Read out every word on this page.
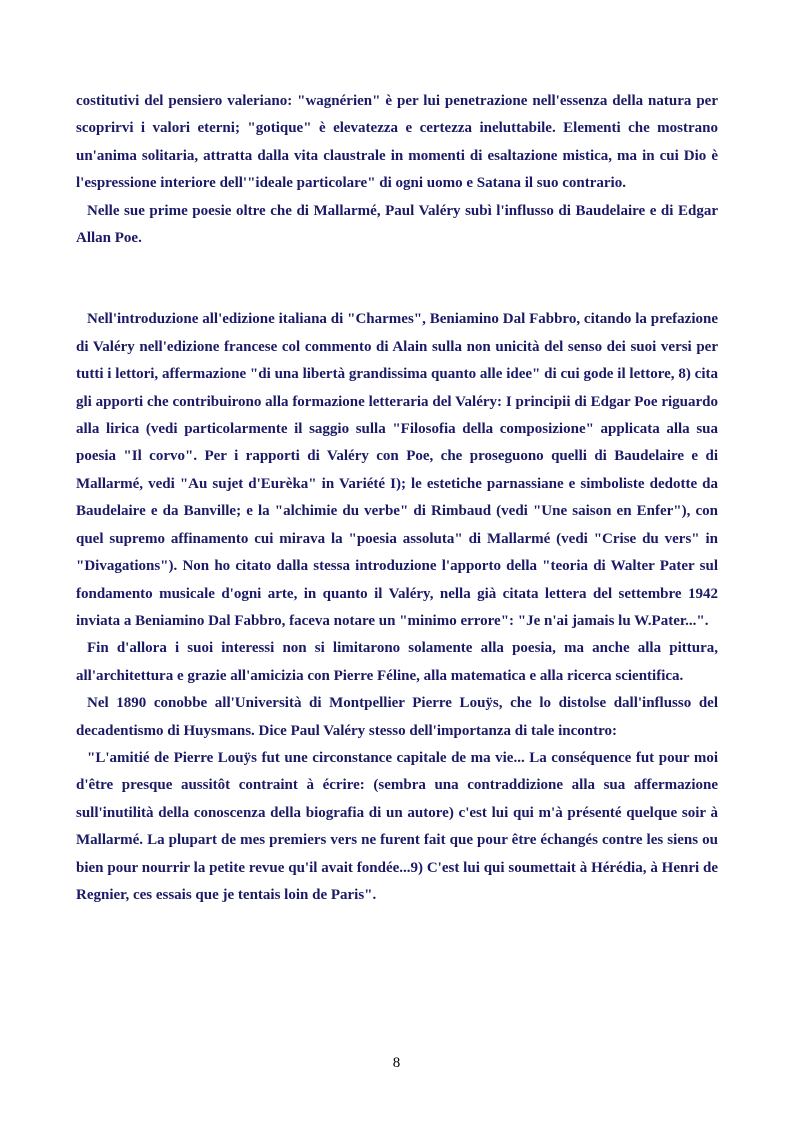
costitutivi del pensiero valeriano: "wagnérien" è per lui penetrazione nell'essenza della natura per scoprirvi i valori eterni; "gotique" è elevatezza e certezza ineluttabile. Elementi che mostrano un'anima solitaria, attratta dalla vita claustrale in momenti di esaltazione mistica, ma in cui Dio è l'espressione interiore dell'"ideale particolare" di ogni uomo e Satana il suo contrario.

Nelle sue prime poesie oltre che di Mallarmé, Paul Valéry subì l'influsso di Baudelaire e di Edgar Allan Poe.

Nell'introduzione all'edizione italiana di "Charmes", Beniamino Dal Fabbro, citando la prefazione di Valéry nell'edizione francese col commento di Alain sulla non unicità del senso dei suoi versi per tutti i lettori, affermazione "di una libertà grandissima quanto alle idee" di cui gode il lettore, 8) cita gli apporti che contribuirono alla formazione letteraria del Valéry: I principii di Edgar Poe riguardo alla lirica (vedi particolarmente il saggio sulla "Filosofia della composizione" applicata alla sua poesia "Il corvo". Per i rapporti di Valéry con Poe, che proseguono quelli di Baudelaire e di Mallarmé, vedi "Au sujet d'Eurèka" in Variété I); le estetiche parnassiane e simboliste dedotte da Baudelaire e da Banville; e la "alchimie du verbe" di Rimbaud (vedi "Une saison en Enfer"), con quel supremo affinamento cui mirava la "poesia assoluta" di Mallarmé (vedi "Crise du vers" in "Divagations"). Non ho citato dalla stessa introduzione l'apporto della "teoria di Walter Pater sul fondamento musicale d'ogni arte, in quanto il Valéry, nella già citata lettera del settembre 1942 inviata a Beniamino Dal Fabbro, faceva notare un "minimo errore": "Je n'ai jamais lu W.Pater...".

Fin d'allora i suoi interessi non si limitarono solamente alla poesia, ma anche alla pittura, all'architettura e grazie all'amicizia con Pierre Féline, alla matematica e alla ricerca scientifica.

Nel 1890 conobbe all'Università di Montpellier Pierre Louÿs, che lo distolse dall'influsso del decadentismo di Huysmans. Dice Paul Valéry stesso dell'importanza di tale incontro:

"L'amitié de Pierre Louÿs fut une circonstance capitale de ma vie... La conséquence fut pour moi d'être presque aussitôt contraint à écrire: (sembra una contraddizione alla sua affermazione sull'inutilità della conoscenza della biografia di un autore) c'est lui qui m'à présenté quelque soir à Mallarmé. La plupart de mes premiers vers ne furent fait que pour être échangés contre les siens ou bien pour nourrir la petite revue qu'il avait fondée...9) C'est lui qui soumettait à Hérédia, à Henri de Regnier, ces essais que je tentais loin de Paris".

8
